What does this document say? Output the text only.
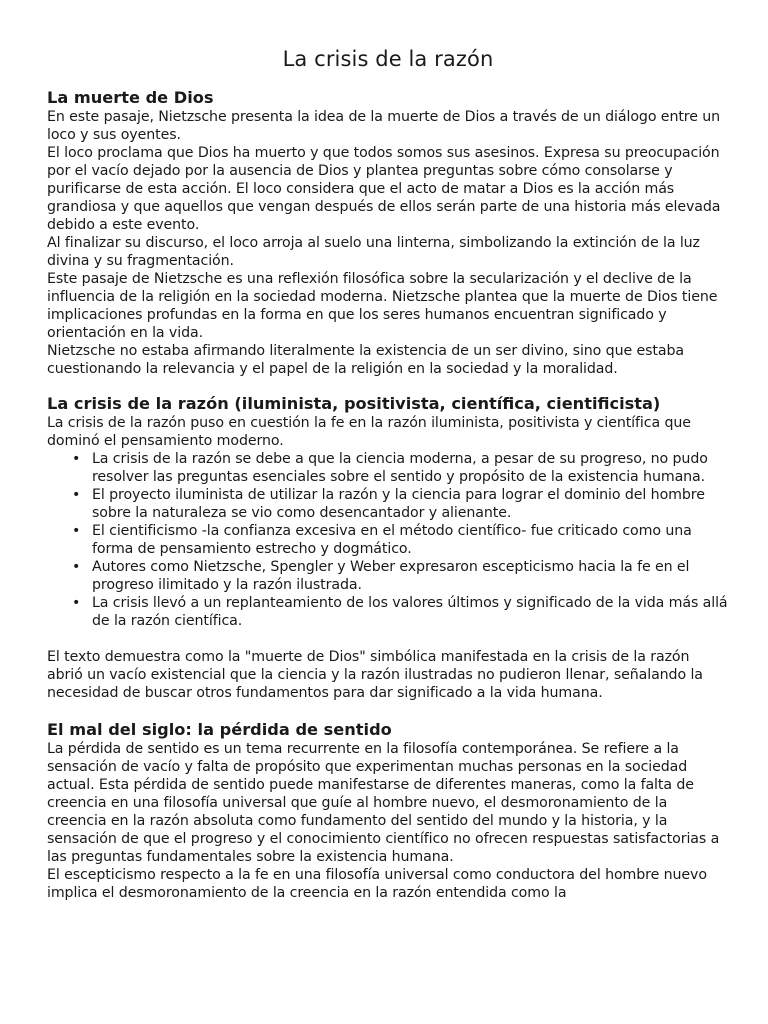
La crisis de la razón
La muerte de Dios

En este pasaje, Nietzsche presenta la idea de la muerte de Dios a través de un diálogo entre un loco y sus oyentes.

El loco proclama que Dios ha muerto y que todos somos sus asesinos. Expresa su preocupación por el vacío dejado por la ausencia de Dios y plantea preguntas sobre cómo consolarse y purificarse de esta acción. El loco considera que el acto de matar a Dios es la acción más grandiosa y que aquellos que vengan después de ellos serán parte de una historia más elevada debido a este evento.

Al finalizar su discurso, el loco arroja al suelo una linterna, simbolizando la extinción de la luz divina y su fragmentación.

Este pasaje de Nietzsche es una reflexión filosófica sobre la secularización y el declive de la influencia de la religión en la sociedad moderna. Nietzsche plantea que la muerte de Dios tiene implicaciones profundas en la forma en que los seres humanos encuentran significado y orientación en la vida.

Nietzsche no estaba afirmando literalmente la existencia de un ser divino, sino que estaba cuestionando la relevancia y el papel de la religión en la sociedad y la moralidad.

La crisis de la razón (iluminista, positivista, científica, cientificista)

La crisis de la razón puso en cuestión la fe en la razón iluminista, positivista y científica que dominó el pensamiento moderno.

• La crisis de la razón se debe a que la ciencia moderna, a pesar de su progreso, no pudo resolver las preguntas esenciales sobre el sentido y propósito de la existencia humana.
• El proyecto iluminista de utilizar la razón y la ciencia para lograr el dominio del hombre sobre la naturaleza se vio como desencantador y alienante.
• El cientificismo -la confianza excesiva en el método científico- fue criticado como una forma de pensamiento estrecho y dogmático.
• Autores como Nietzsche, Spengler y Weber expresaron escepticismo hacia la fe en el progreso ilimitado y la razón ilustrada.
• La crisis llevó a un replanteamiento de los valores últimos y significado de la vida más allá de la razón científica.

El texto demuestra como la "muerte de Dios" simbólica manifestada en la crisis de la razón abrió un vacío existencial que la ciencia y la razón ilustradas no pudieron llenar, señalando la necesidad de buscar otros fundamentos para dar significado a la vida humana.

El mal del siglo: la pérdida de sentido

La pérdida de sentido es un tema recurrente en la filosofía contemporánea. Se refiere a la sensación de vacío y falta de propósito que experimentan muchas personas en la sociedad actual. Esta pérdida de sentido puede manifestarse de diferentes maneras, como la falta de creencia en una filosofía universal que guíe al hombre nuevo, el desmoronamiento de la creencia en la razón absoluta como fundamento del sentido del mundo y la historia, y la sensación de que el progreso y el conocimiento científico no ofrecen respuestas satisfactorias a las preguntas fundamentales sobre la existencia humana.

El escepticismo respecto a la fe en una filosofía universal como conductora del hombre nuevo implica el desmoronamiento de la creencia en la razón entendida como la
